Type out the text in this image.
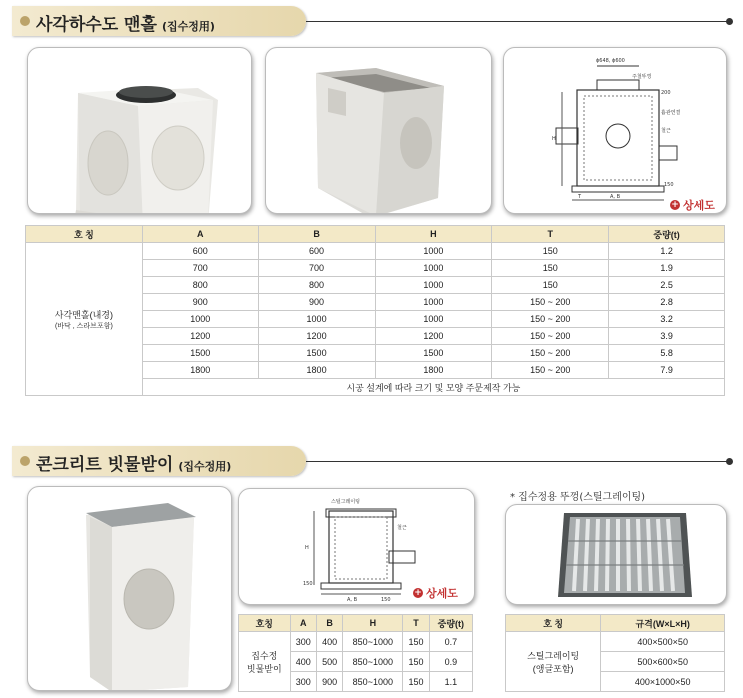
사각하수도 맨홀 (집수정用)
ϕ648, ϕ600
주철뚜껑
200
흄관연결
철근
H
150
T	A, B
+ 상세도
호 칭	A	B	H	T	중량(t)

사각맨홀(내경)
(바닥 , 스라브포함)	600	600	1000	150	1.2
	700	700	1000	150	1.9
	800	800	1000	150	2.5
	900	900	1000	150 ~ 200	2.8
	1000	1000	1000	150 ~ 200	3.2
	1200	1200	1200	150 ~ 200	3.9
	1500	1500	1500	150 ~ 200	5.8
	1800	1800	1800	150 ~ 200	7.9
	시공 설계에 따라 크기 및 모양 주문제작 가능				
콘크리트 빗물받이 (집수정用)
스틸그레이팅
철근
H
150
A, B	150
+ 상세도
호칭	A	B	H	T	중량(t)

집수정
빗물받이	300	400	850~1000	150	0.7
	400	500	850~1000	150	0.9
	300	900	850~1000	150	1.1
* 집수정용 뚜껑(스틸그레이팅)
호 칭	규격(W×L×H)

스틸그레이팅
(앵글포함)	400×500×50
	500×600×50
	400×1000×50
